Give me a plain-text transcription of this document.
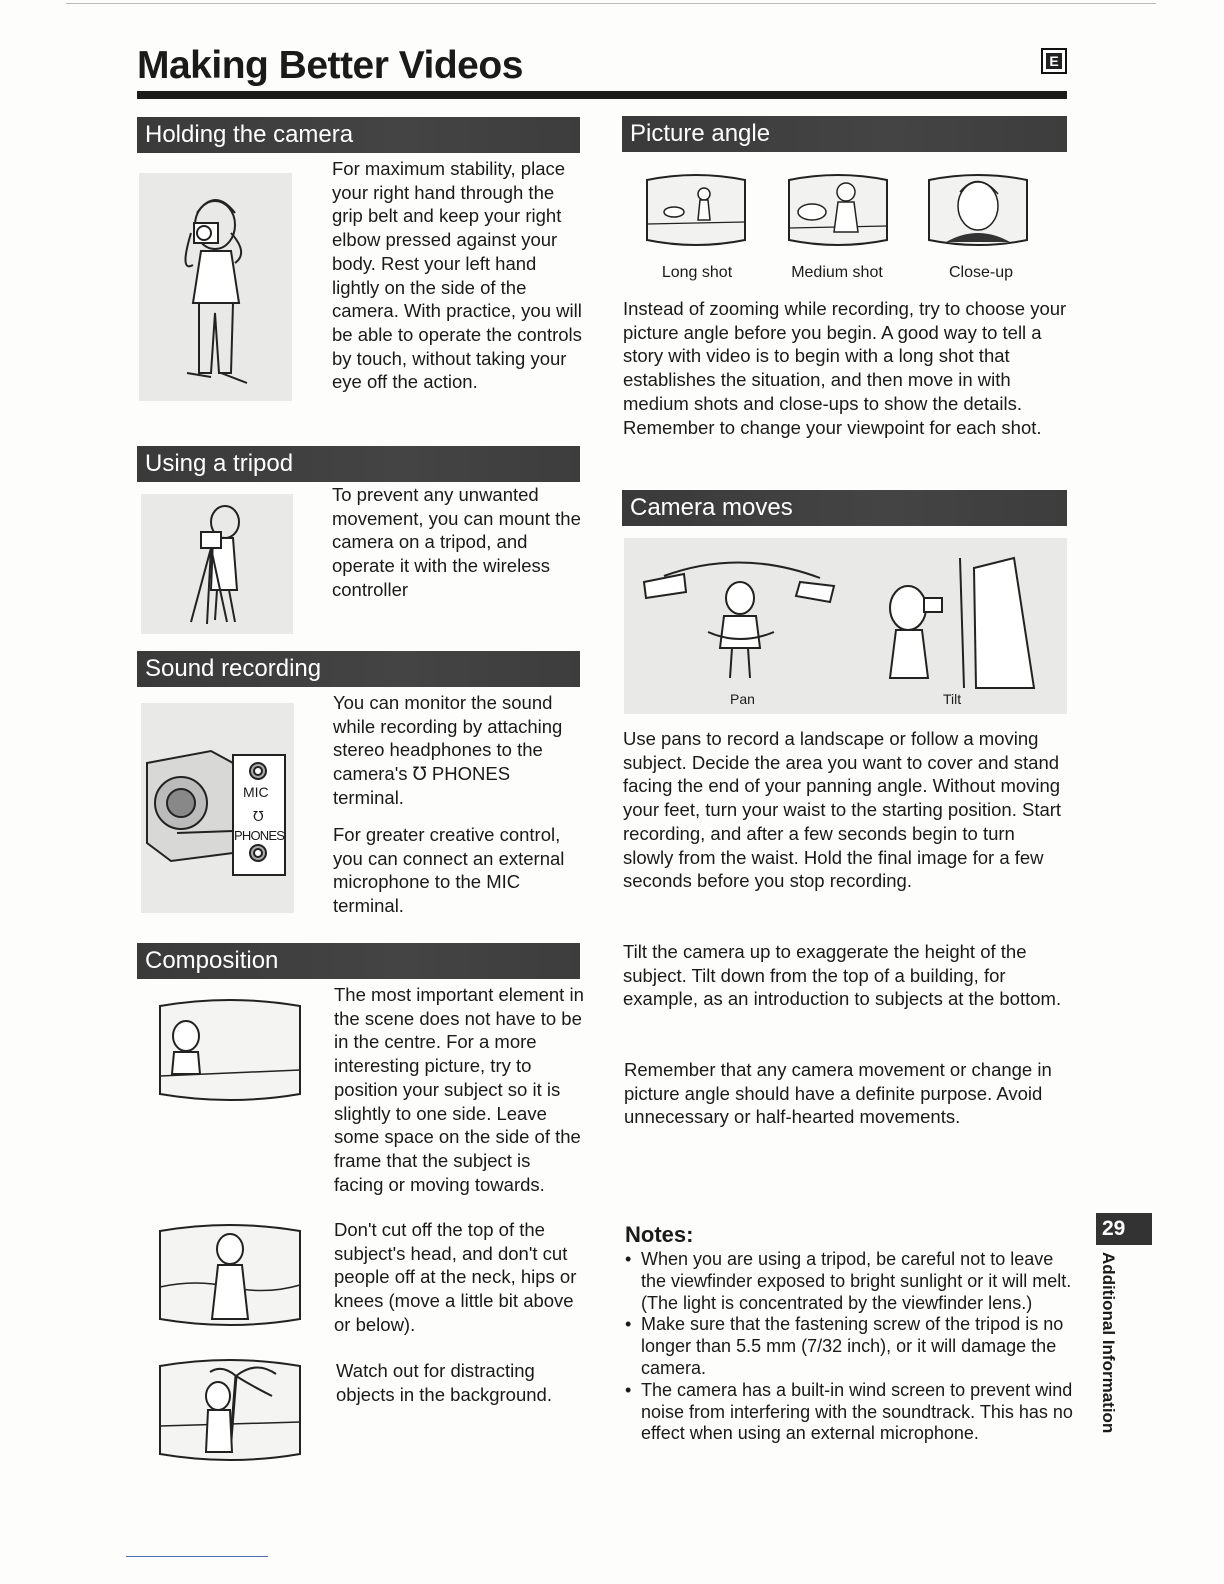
Making Better Videos	E
Holding the camera

For maximum stability, place your right hand through the grip belt and keep your right elbow pressed against your body. Rest your left hand lightly on the side of the camera. With practice, you will be able to operate the controls by touch, without taking your eye off the action.

Using a tripod

To prevent any unwanted movement, you can mount the camera on a tripod, and operate it with the wireless controller

Sound recording
MIC
℧
PHONES

You can monitor the sound while recording by attaching stereo headphones to the camera's ℧ PHONES terminal.

For greater creative control, you can connect an external microphone to the MIC terminal.

Composition

The most important element in the scene does not have to be in the centre. For a more interesting picture, try to position your subject so it is slightly to one side. Leave some space on the side of the frame that the subject is facing or moving towards.

Don't cut off the top of the subject's head, and don't cut people off at the neck, hips or knees (move a little bit above or below).

Watch out for distracting objects in the background.

Picture angle
Long shot	Medium shot	Close-up

Instead of zooming while recording, try to choose your picture angle before you begin. A good way to tell a story with video is to begin with a long shot that establishes the situation, and then move in with medium shots and close-ups to show the details. Remember to change your viewpoint for each shot.

Camera moves
Pan	Tilt

Use pans to record a landscape or follow a moving subject. Decide the area you want to cover and stand facing the end of your panning angle. Without moving your feet, turn your waist to the starting position. Start recording, and after a few seconds begin to turn slowly from the waist. Hold the final image for a few seconds before you stop recording.

Tilt the camera up to exaggerate the height of the subject. Tilt down from the top of a building, for example, as an introduction to subjects at the bottom.

Remember that any camera movement or change in picture angle should have a definite purpose. Avoid unnecessary or half-hearted movements.

Notes:
• When you are using a tripod, be careful not to leave the viewfinder exposed to bright sunlight or it will melt. (The light is concentrated by the viewfinder lens.)
• Make sure that the fastening screw of the tripod is no longer than 5.5 mm (7/32 inch), or it will damage the camera.
• The camera has a built-in wind screen to prevent wind noise from interfering with the soundtrack. This has no effect when using an external microphone.
29
Additional Information
